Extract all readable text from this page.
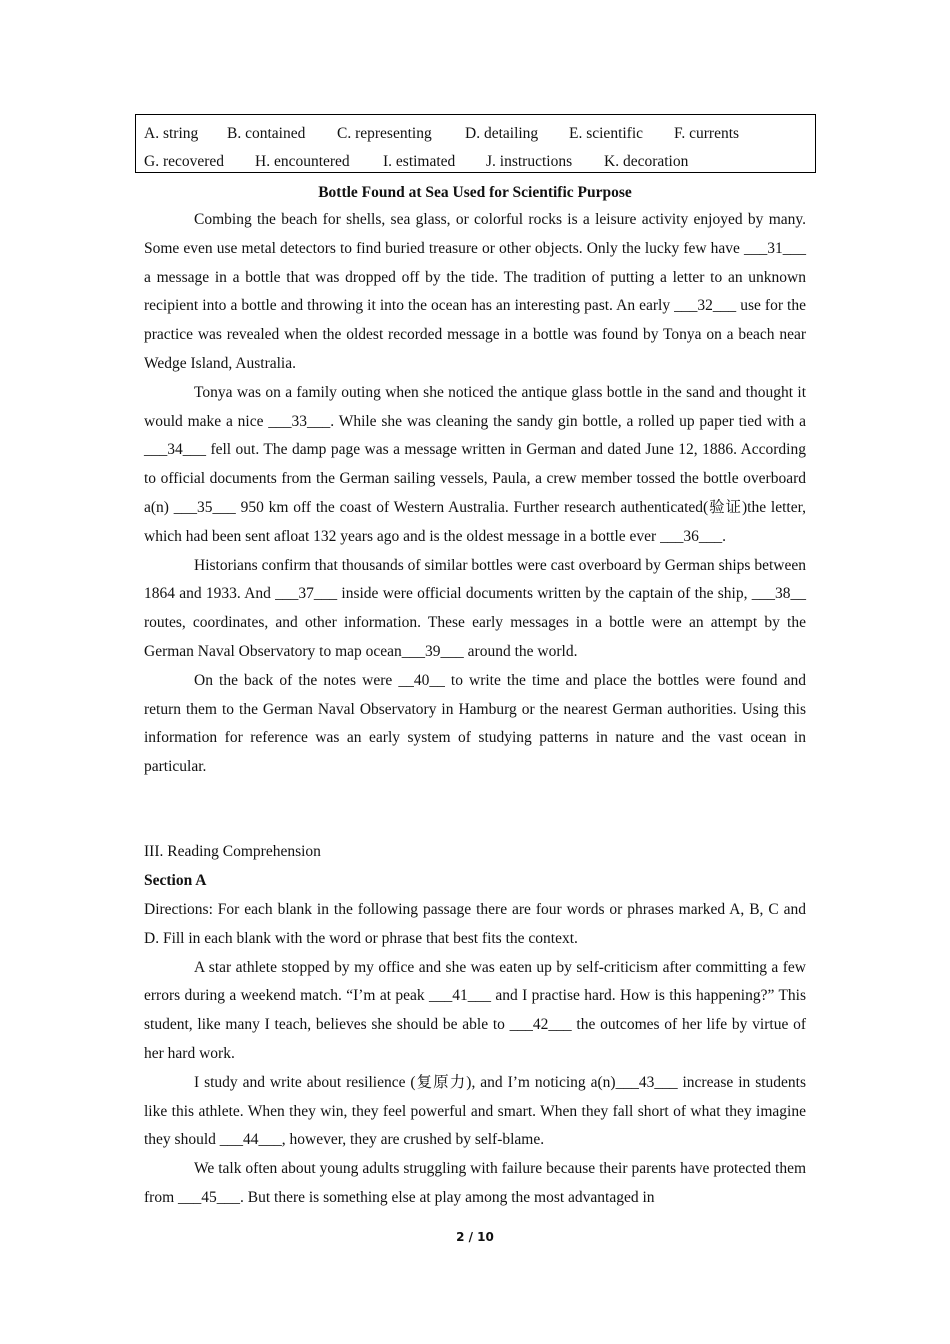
A. string B. contained C. representing D. detailing E. scientific F. currents
G. recovered H. encountered I. estimated J. instructions K. decoration
Bottle Found at Sea Used for Scientific Purpose

Combing the beach for shells, sea glass, or colorful rocks is a leisure activity enjoyed by many. Some even use metal detectors to find buried treasure or other objects. Only the lucky few have ___31___ a message in a bottle that was dropped off by the tide. The tradition of putting a letter to an unknown recipient into a bottle and throwing it into the ocean has an interesting past. An early ___32___ use for the practice was revealed when the oldest recorded message in a bottle was found by Tonya on a beach near Wedge Island, Australia.

Tonya was on a family outing when she noticed the antique glass bottle in the sand and thought it would make a nice ___33___. While she was cleaning the sandy gin bottle, a rolled up paper tied with a ___34___ fell out. The damp page was a message written in German and dated June 12, 1886. According to official documents from the German sailing vessels, Paula, a crew member tossed the bottle overboard a(n) ___35___ 950 km off the coast of Western Australia. Further research authenticated(验证)the letter, which had been sent afloat 132 years ago and is the oldest message in a bottle ever ___36___.

Historians confirm that thousands of similar bottles were cast overboard by German ships between 1864 and 1933. And ___37___ inside were official documents written by the captain of the ship, ___38__ routes, coordinates, and other information. These early messages in a bottle were an attempt by the German Naval Observatory to map ocean___39___ around the world.

On the back of the notes were __40__ to write the time and place the bottles were found and return them to the German Naval Observatory in Hamburg or the nearest German authorities. Using this information for reference was an early system of studying patterns in nature and the vast ocean in particular.

III. Reading Comprehension
Section A

Directions: For each blank in the following passage there are four words or phrases marked A, B, C and D. Fill in each blank with the word or phrase that best fits the context.

A star athlete stopped by my office and she was eaten up by self-criticism after committing a few errors during a weekend match. “I’m at peak ___41___ and I practise hard. How is this happening?” This student, like many I teach, believes she should be able to ___42___ the outcomes of her life by virtue of her hard work.

I study and write about resilience (复原力), and I’m noticing a(n)___43___ increase in students like this athlete. When they win, they feel powerful and smart. When they fall short of what they imagine they should ___44___, however, they are crushed by self-blame.

We talk often about young adults struggling with failure because their parents have protected them from ___45___. But there is something else at play among the most advantaged in

2 / 10
